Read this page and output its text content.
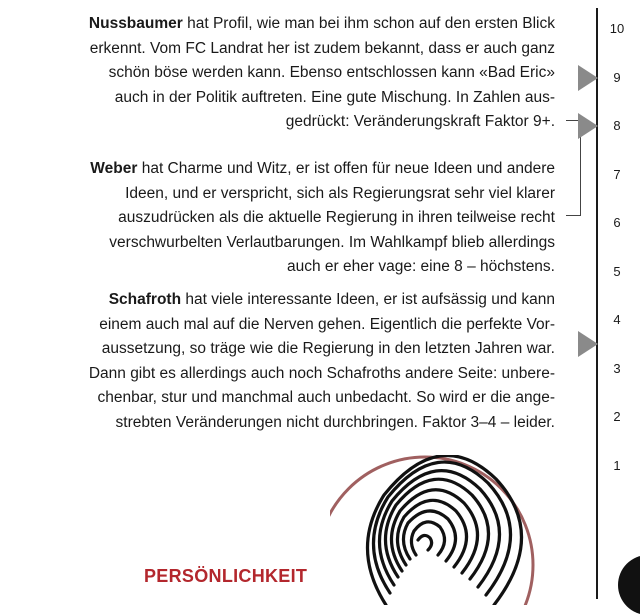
Nussbaumer hat Profil, wie man bei ihm schon auf den ersten Blick
erkennt. Vom FC Landrat her ist zudem bekannt, dass er auch ganz
schön böse werden kann. Ebenso entschlossen kann «Bad Eric»
auch in der Politik auftreten. Eine gute Mischung. In Zahlen aus-
gedrückt: Veränderungskraft Faktor 9+.
Weber hat Charme und Witz, er ist offen für neue Ideen und andere
Ideen, und er verspricht, sich als Regierungsrat sehr viel klarer
auszudrücken als die aktuelle Regierung in ihren teilweise recht
verschwurbelten Verlautbarungen. Im Wahlkampf blieb allerdings
auch er eher vage: eine 8 – höchstens.
Schafroth hat viele interessante Ideen, er ist aufsässig und kann
einem auch mal auf die Nerven gehen. Eigentlich die perfekte Vor-
aussetzung, so träge wie die Regierung in den letzten Jahren war.
Dann gibt es allerdings auch noch Schafroths andere Seite: unbere-
chenbar, stur und manchmal auch unbedacht. So wird er die ange-
strebten Veränderungen nicht durchbringen. Faktor 3–4 – leider.
10
9
8
7
6
5
4
3
2
1
PERSÖNLICHKEIT
